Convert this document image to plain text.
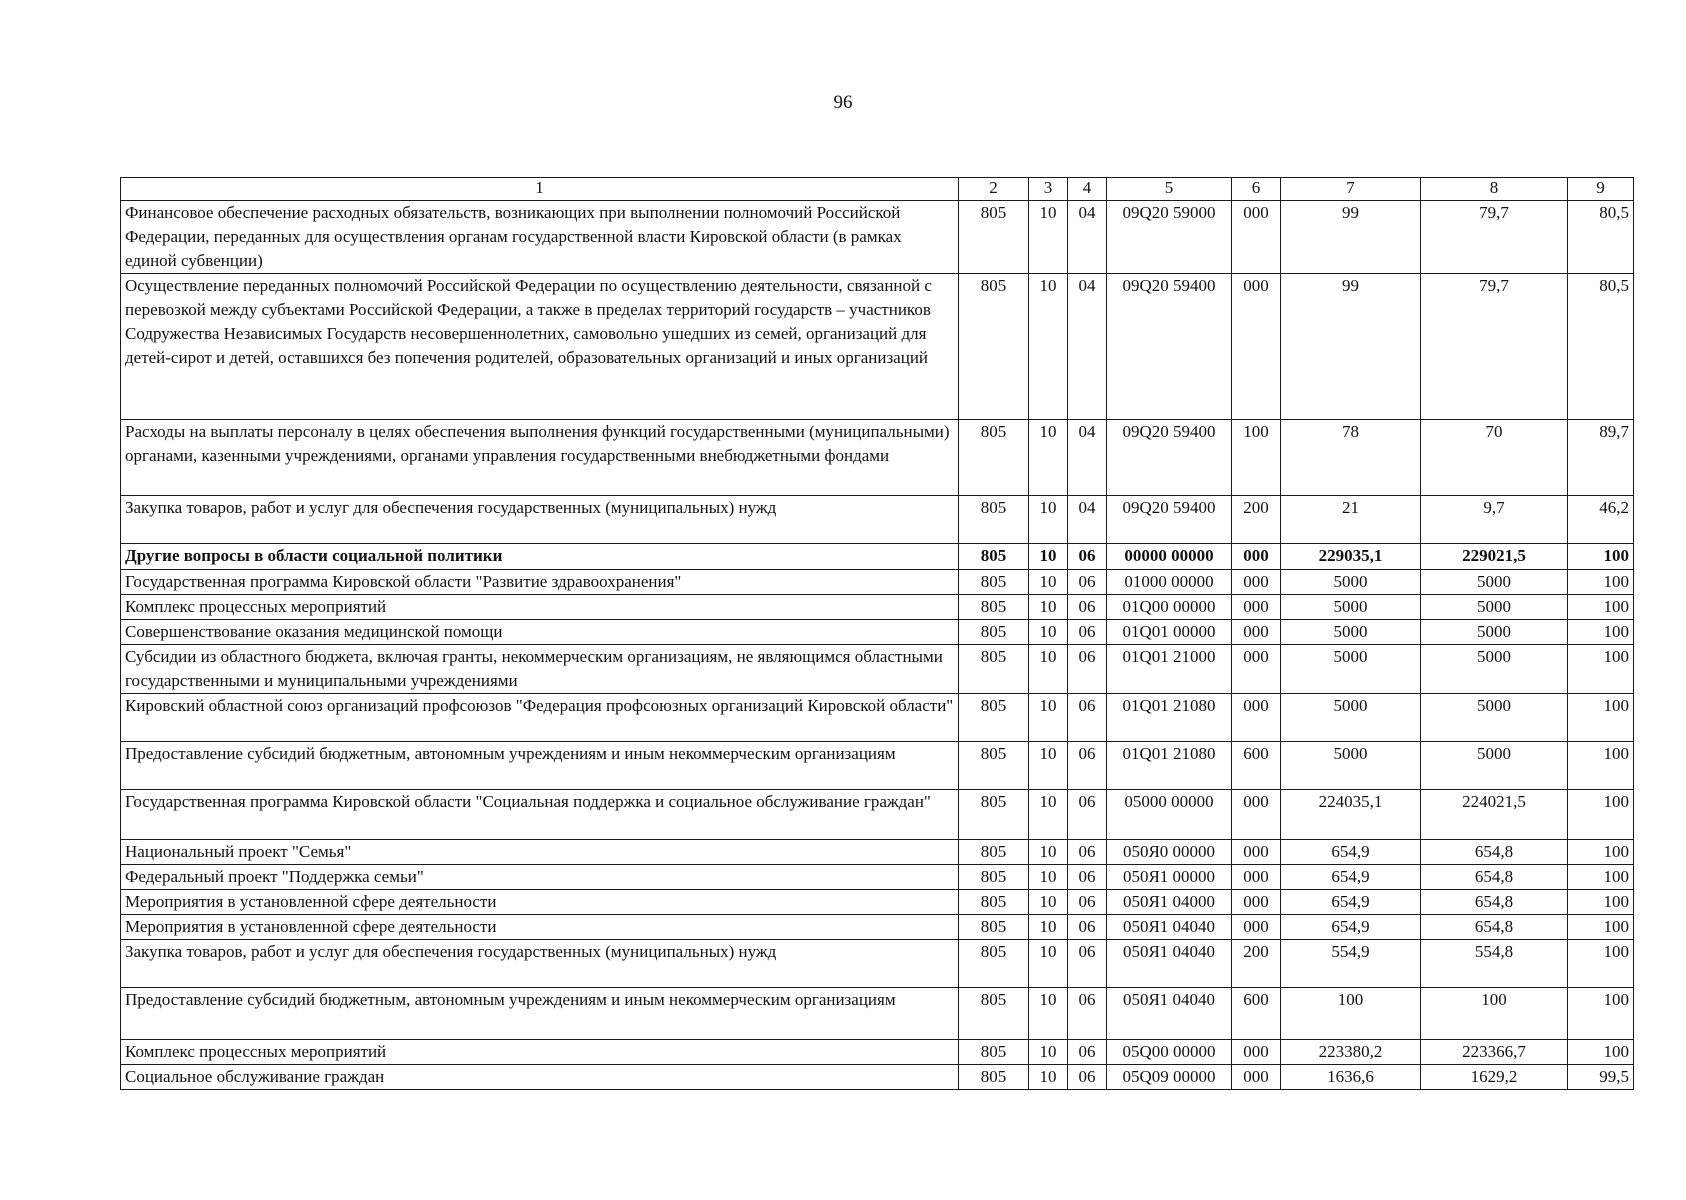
96
1	2	3	4	5	6	7	8	9
Финансовое обеспечение расходных обязательств, возникающих при выполнении полномочий Российской Федерации, переданных для осуществления органам государственной власти Кировской области (в рамках единой субвенции)	805	10	04	09Q20 59000	000	99	79,7	80,5
Осуществление переданных полномочий Российской Федерации по осуществлению деятельности, связанной с перевозкой между субъектами Российской Федерации, а также в пределах территорий государств – участников Содружества Независимых Государств несовершеннолетних, самовольно ушедших из семей, организаций для детей-сирот и детей, оставшихся без попечения родителей, образовательных организаций и иных организаций	805	10	04	09Q20 59400	000	99	79,7	80,5
Расходы на выплаты персоналу в целях обеспечения выполнения функций государственными (муниципальными) органами, казенными учреждениями, органами управления государственными внебюджетными фондами	805	10	04	09Q20 59400	100	78	70	89,7
Закупка товаров, работ и услуг для обеспечения государственных (муниципальных) нужд	805	10	04	09Q20 59400	200	21	9,7	46,2
Другие вопросы в области социальной политики	805	10	06	00000 00000	000	229035,1	229021,5	100
Государственная программа Кировской области "Развитие здравоохранения"	805	10	06	01000 00000	000	5000	5000	100
Комплекс процессных мероприятий	805	10	06	01Q00 00000	000	5000	5000	100
Совершенствование оказания медицинской помощи	805	10	06	01Q01 00000	000	5000	5000	100
Субсидии из областного бюджета, включая гранты, некоммерческим организациям, не являющимся областными государственными и муниципальными учреждениями	805	10	06	01Q01 21000	000	5000	5000	100
Кировский областной союз организаций профсоюзов "Федерация профсоюзных организаций Кировской области"	805	10	06	01Q01 21080	000	5000	5000	100
Предоставление субсидий бюджетным, автономным учреждениям и иным некоммерческим организациям	805	10	06	01Q01 21080	600	5000	5000	100
Государственная программа Кировской области "Социальная поддержка и социальное обслуживание граждан"	805	10	06	05000 00000	000	224035,1	224021,5	100
Национальный проект "Семья"	805	10	06	050Я0 00000	000	654,9	654,8	100
Федеральный проект "Поддержка семьи"	805	10	06	050Я1 00000	000	654,9	654,8	100
Мероприятия в установленной сфере деятельности	805	10	06	050Я1 04000	000	654,9	654,8	100
Мероприятия в установленной сфере деятельности	805	10	06	050Я1 04040	000	654,9	654,8	100
Закупка товаров, работ и услуг для обеспечения государственных (муниципальных) нужд	805	10	06	050Я1 04040	200	554,9	554,8	100
Предоставление субсидий бюджетным, автономным учреждениям и иным некоммерческим организациям	805	10	06	050Я1 04040	600	100	100	100
Комплекс процессных мероприятий	805	10	06	05Q00 00000	000	223380,2	223366,7	100
Социальное обслуживание граждан	805	10	06	05Q09 00000	000	1636,6	1629,2	99,5
